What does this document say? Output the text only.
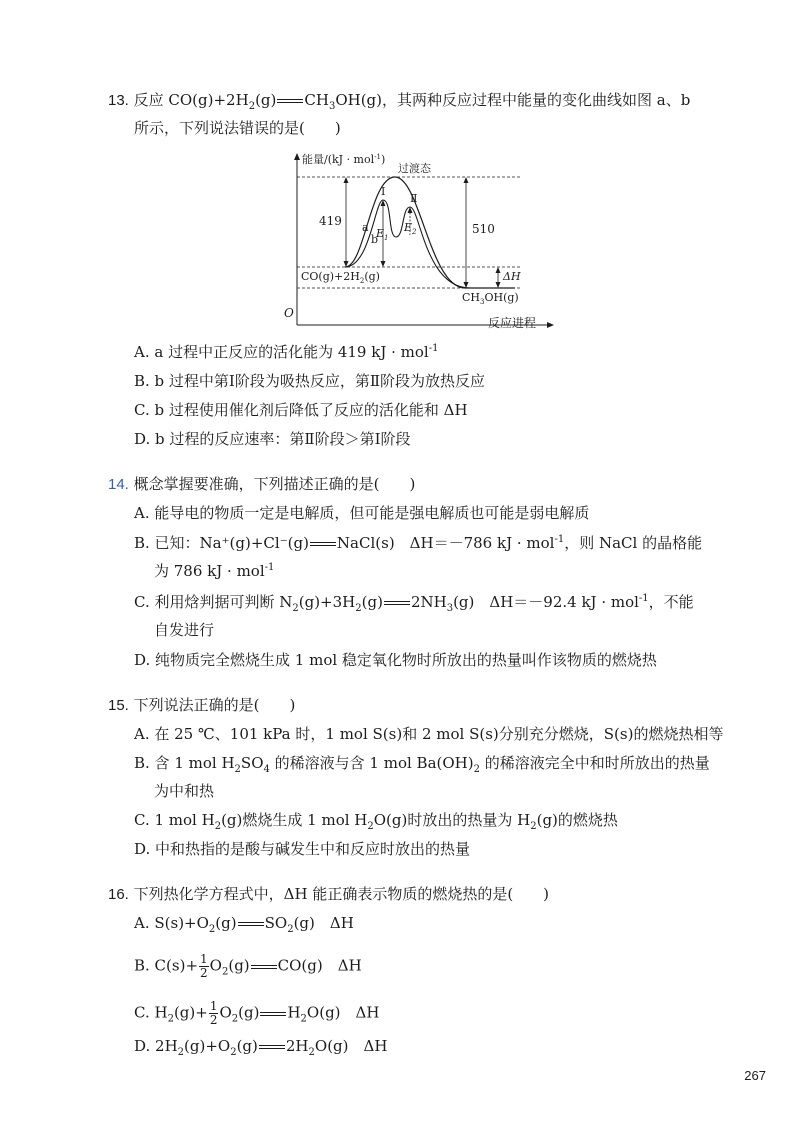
13. 反应 $CO(g)+2H_2(g)$ $CH_3OH(g)$，其两种反应过程中能量的变化曲线如图 a、b
所示，下列说法错误的是(　　)
能量/(kJ · mol$^{-1}$)
过渡态
Ⅰ
Ⅱ
419 a
b
$E_1$
$E_2$	510
$CO(g)+2H_2(g)$	ΔH
$CH_3OH(g)$
O
反应进程
A. a 过程中正反应的活化能为 419 kJ · mol$^{-1}$
B. b 过程中第Ⅰ阶段为吸热反应，第Ⅱ阶段为放热反应
C. b 过程使用催化剂后降低了反应的活化能和 ΔH
D. b 过程的反应速率：第Ⅱ阶段＞第Ⅰ阶段
14. 概念掌握要准确，下列描述正确的是(　　)
A. 能导电的物质一定是电解质，但可能是强电解质也可能是弱电解质
B. 已知：Na⁺(g)+Cl⁻(g) NaCl(s)　ΔH＝－786 kJ · mol$^{-1}$，则 NaCl 的晶格能
为 786 kJ · mol$^{-1}$
C. 利用焓判据可判断 $N_2(g)+3H_2(g)$ $2NH_3(g)$　ΔH＝－92.4 kJ · mol$^{-1}$，不能
自发进行
D. 纯物质完全燃烧生成 1 mol 稳定氧化物时所放出的热量叫作该物质的燃烧热
15. 下列说法正确的是(　　)
A. 在 25 ℃、101 kPa 时，1 mol S(s)和 2 mol S(s)分别充分燃烧，S(s)的燃烧热相等
B. 含 1 mol $H_2SO_4$ 的稀溶液与含 1 mol $Ba(OH)_2$ 的稀溶液完全中和时所放出的热量
为中和热
C. 1 mol $H_2(g)$燃烧生成 1 mol $H_2O(g)$时放出的热量为 $H_2(g)$的燃烧热
D. 中和热指的是酸与碱发生中和反应时放出的热量
16. 下列热化学方程式中，ΔH 能正确表示物质的燃烧热的是(　　)
A. $S(s)+O_2(g)$ $SO_2(g)$　ΔH
B. $C(s)+ \frac{1}{2} O_2(g)$ CO(g)　ΔH
C. $H_2(g)+ \frac{1}{2} O_2(g)$ $H_2O(g)$　ΔH
D. $2H_2(g)+O_2(g)$ $2H_2O(g)$　ΔH
267
